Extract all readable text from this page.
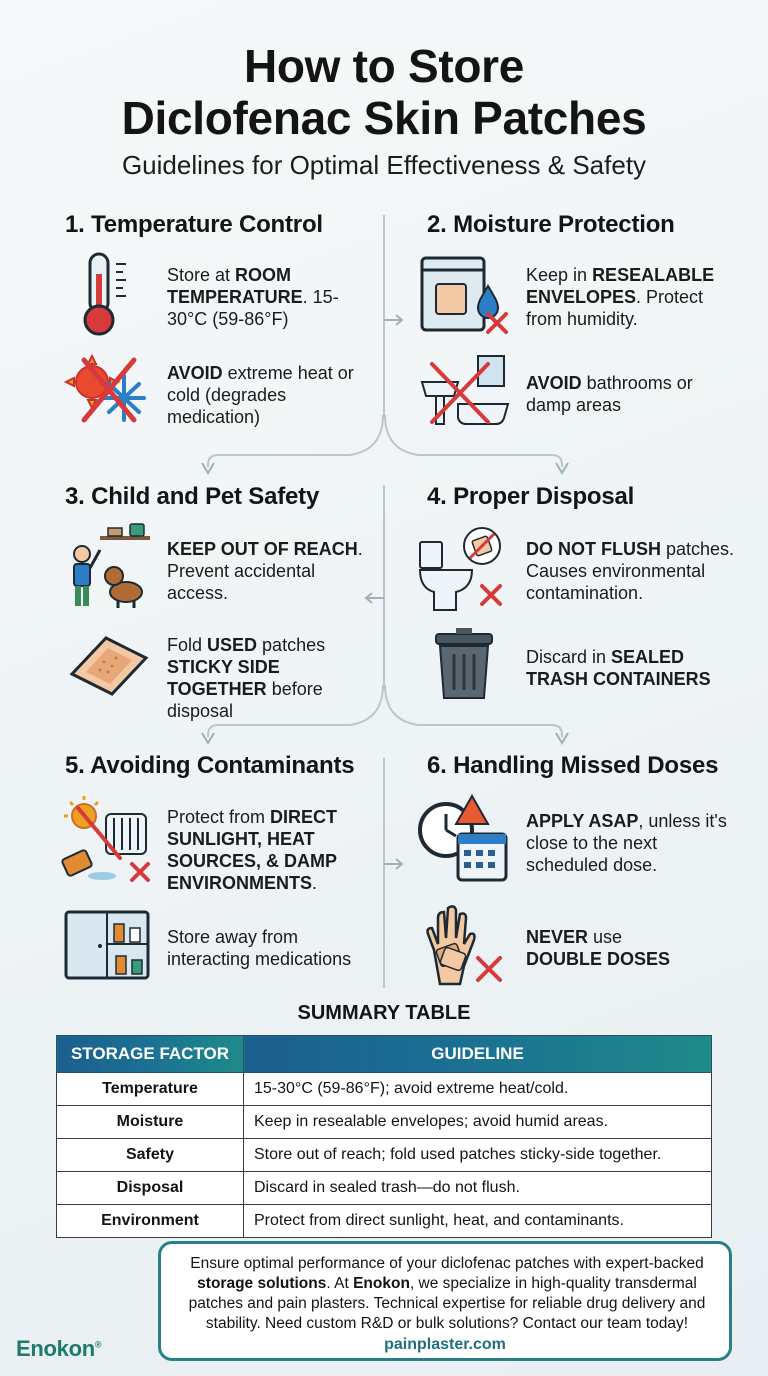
How to Store
Diclofenac Skin Patches
Guidelines for Optimal Effectiveness & Safety
1. Temperature Control
Store at ROOM TEMPERATURE. 15-30°C (59-86°F)
AVOID extreme heat or cold (degrades medication)
2. Moisture Protection
Keep in RESEALABLE ENVELOPES. Protect from humidity.
AVOID bathrooms or damp areas
3. Child and Pet Safety
KEEP OUT OF REACH. Prevent accidental access.
Fold USED patches STICKY SIDE TOGETHER before disposal
4. Proper Disposal
DO NOT FLUSH patches. Causes environmental contamination.
Discard in SEALED TRASH CONTAINERS
5. Avoiding Contaminants
Protect from DIRECT SUNLIGHT, HEAT SOURCES, & DAMP ENVIRONMENTS.
Store away from interacting medications
6. Handling Missed Doses
APPLY ASAP, unless it's close to the next scheduled dose.
NEVER use
DOUBLE DOSES
SUMMARY TABLE
STORAGE FACTOR	GUIDELINE
Temperature	15-30°C (59-86°F); avoid extreme heat/cold.
Moisture	Keep in resealable envelopes; avoid humid areas.
Safety	Store out of reach; fold used patches sticky-side together.
Disposal	Discard in sealed trash—do not flush.
Environment	Protect from direct sunlight, heat, and contaminants.
Ensure optimal performance of your diclofenac patches with expert-backed storage solutions. At Enokon, we specialize in high-quality transdermal patches and pain plasters. Technical expertise for reliable drug delivery and stability. Need custom R&D or bulk solutions? Contact our team today!
painplaster.com
Enokon®
